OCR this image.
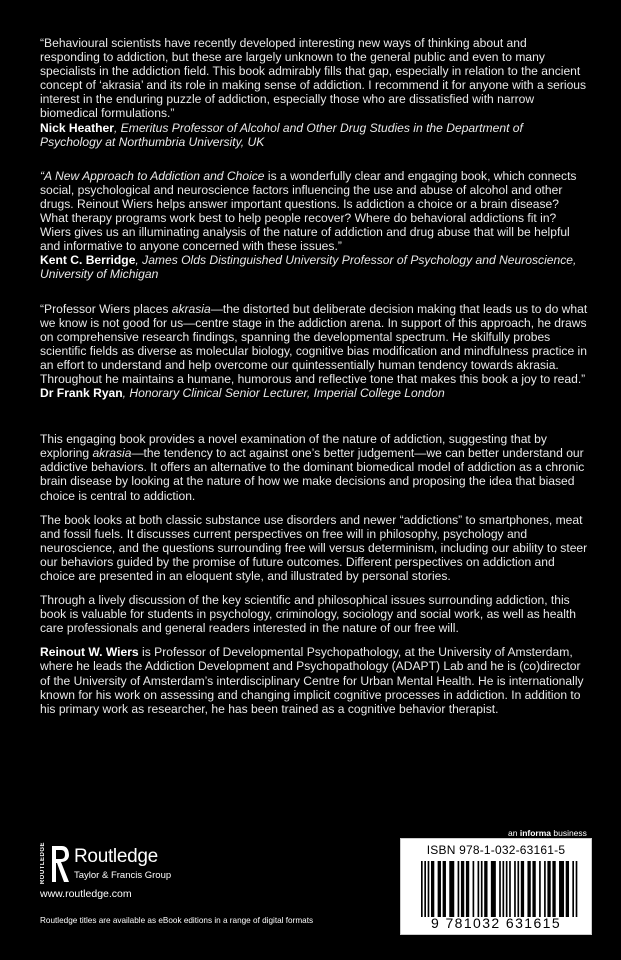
“Behavioural scientists have recently developed interesting new ways of thinking about and responding to addiction, but these are largely unknown to the general public and even to many specialists in the addiction field. This book admirably fills that gap, especially in relation to the ancient concept of ‘akrasia’ and its role in making sense of addiction. I recommend it for anyone with a serious interest in the enduring puzzle of addiction, especially those who are dissatisfied with narrow biomedical formulations.”
Nick Heather, Emeritus Professor of Alcohol and Other Drug Studies in the Department of Psychology at Northumbria University, UK
“A New Approach to Addiction and Choice is a wonderfully clear and engaging book, which connects social, psychological and neuroscience factors influencing the use and abuse of alcohol and other drugs. Reinout Wiers helps answer important questions. Is addiction a choice or a brain disease? What therapy programs work best to help people recover? Where do behavioral addictions fit in? Wiers gives us an illuminating analysis of the nature of addiction and drug abuse that will be helpful and informative to anyone concerned with these issues.”
Kent C. Berridge, James Olds Distinguished University Professor of Psychology and Neuroscience, University of Michigan
“Professor Wiers places akrasia—the distorted but deliberate decision making that leads us to do what we know is not good for us—centre stage in the addiction arena. In support of this approach, he draws on comprehensive research findings, spanning the developmental spectrum. He skilfully probes scientific fields as diverse as molecular biology, cognitive bias modification and mindfulness practice in an effort to understand and help overcome our quintessentially human tendency towards akrasia. Throughout he maintains a humane, humorous and reflective tone that makes this book a joy to read.”
Dr Frank Ryan, Honorary Clinical Senior Lecturer, Imperial College London

This engaging book provides a novel examination of the nature of addiction, suggesting that by exploring akrasia—the tendency to act against one’s better judgement—we can better understand our addictive behaviors. It offers an alternative to the dominant biomedical model of addiction as a chronic brain disease by looking at the nature of how we make decisions and proposing the idea that biased choice is central to addiction.

The book looks at both classic substance use disorders and newer “addictions” to smartphones, meat and fossil fuels. It discusses current perspectives on free will in philosophy, psychology and neuroscience, and the questions surrounding free will versus determinism, including our ability to steer our behaviors guided by the promise of future outcomes. Different perspectives on addiction and choice are presented in an eloquent style, and illustrated by personal stories.

Through a lively discussion of the key scientific and philosophical issues surrounding addiction, this book is valuable for students in psychology, criminology, sociology and social work, as well as health care professionals and general readers interested in the nature of our free will.

Reinout W. Wiers is Professor of Developmental Psychopathology, at the University of Amsterdam, where he leads the Addiction Development and Psychopathology (ADAPT) Lab and he is (co)director of the University of Amsterdam’s interdisciplinary Centre for Urban Mental Health. He is internationally known for his work on assessing and changing implicit cognitive processes in addiction. In addition to his primary work as researcher, he has been trained as a cognitive behavior therapist.

an informa business
ROUTLEDGE Routledge
Taylor & Francis Group
www.routledge.com
Routledge titles are available as eBook editions in a range of digital formats
ISBN 978-1-032-63161-5
9 781032 631615
